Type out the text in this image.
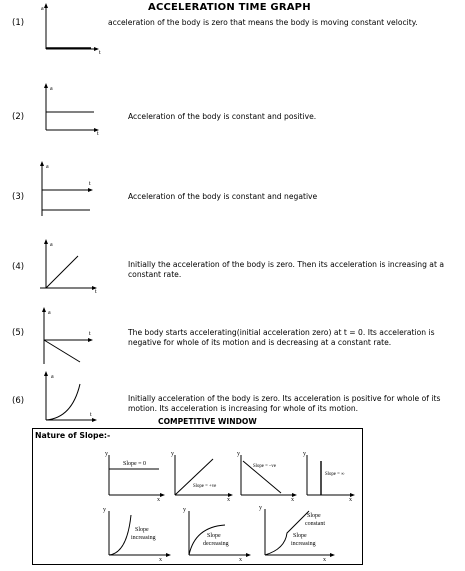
ACCELERATION TIME GRAPH
(1)
a
t
acceleration of the body is zero that means the body is moving constant velocity.
(2)
a
t
Acceleration of the body is constant and positive.
(3)
a
t
Acceleration of the body is constant and negative
(4)
a
t
Initially the acceleration of the body is zero. Then its acceleration is increasing at a constant rate.
(5)
a
t	The body starts accelerating(initial acceleration zero) at t = 0. Its acceleration is negative for whole of its motion and is decreasing at a constant rate.
(6)
a
t
Initially acceleration of the body is zero. Its acceleration is positive for whole of its motion. Its acceleration is increasing for whole of its motion.
COMPETITIVE WINDOW
Nature of Slope:-
y
x
Slope = 0
y
x
Slope = +ve
y
x
Slope = –ve
y
x
Slope = ∞
y
x
Slope
increasing
y
x
Slope
decreasing
y
x
Slope
constant
Slope
increasing
